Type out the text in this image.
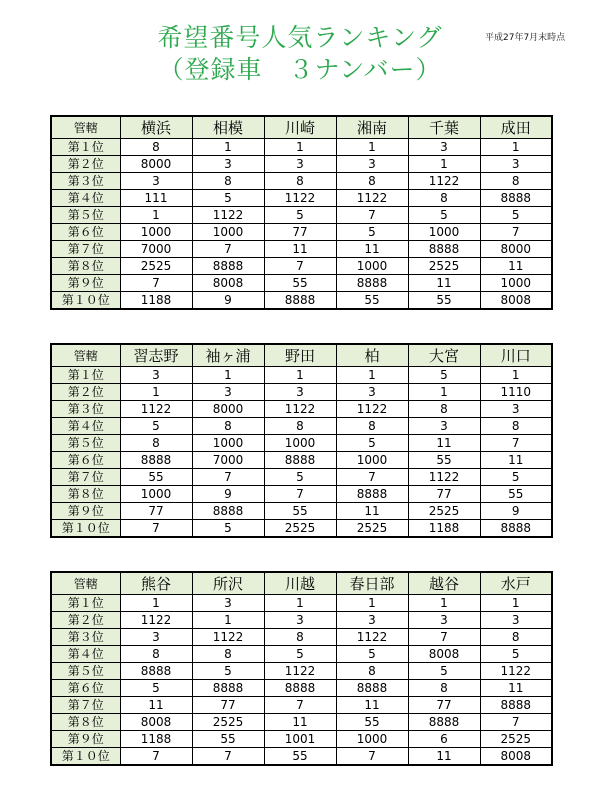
希望番号人気ランキング
（登録車　３ナンバー）
平成27年7月末時点
管轄	横浜	相模	川崎	湘南	千葉	成田
第１位	8	1	1	1	3	1
第２位	8000	3	3	3	1	3
第３位	3	8	8	8	1122	8
第４位	111	5	1122	1122	8	8888
第５位	1	1122	5	7	5	5
第６位	1000	1000	77	5	1000	7
第７位	7000	7	11	11	8888	8000
第８位	2525	8888	7	1000	2525	11
第９位	7	8008	55	8888	11	1000
第１０位	1188	9	8888	55	55	8008
管轄	習志野	袖ヶ浦	野田	柏	大宮	川口
第１位	3	1	1	1	5	1
第２位	1	3	3	3	1	1110
第３位	1122	8000	1122	1122	8	3
第４位	5	8	8	8	3	8
第５位	8	1000	1000	5	11	7
第６位	8888	7000	8888	1000	55	11
第７位	55	7	5	7	1122	5
第８位	1000	9	7	8888	77	55
第９位	77	8888	55	11	2525	9
第１０位	7	5	2525	2525	1188	8888
管轄	熊谷	所沢	川越	春日部	越谷	水戸
第１位	1	3	1	1	1	1
第２位	1122	1	3	3	3	3
第３位	3	1122	8	1122	7	8
第４位	8	8	5	5	8008	5
第５位	8888	5	1122	8	5	1122
第６位	5	8888	8888	8888	8	11
第７位	11	77	7	11	77	8888
第８位	8008	2525	11	55	8888	7
第９位	1188	55	1001	1000	6	2525
第１０位	7	7	55	7	11	8008
